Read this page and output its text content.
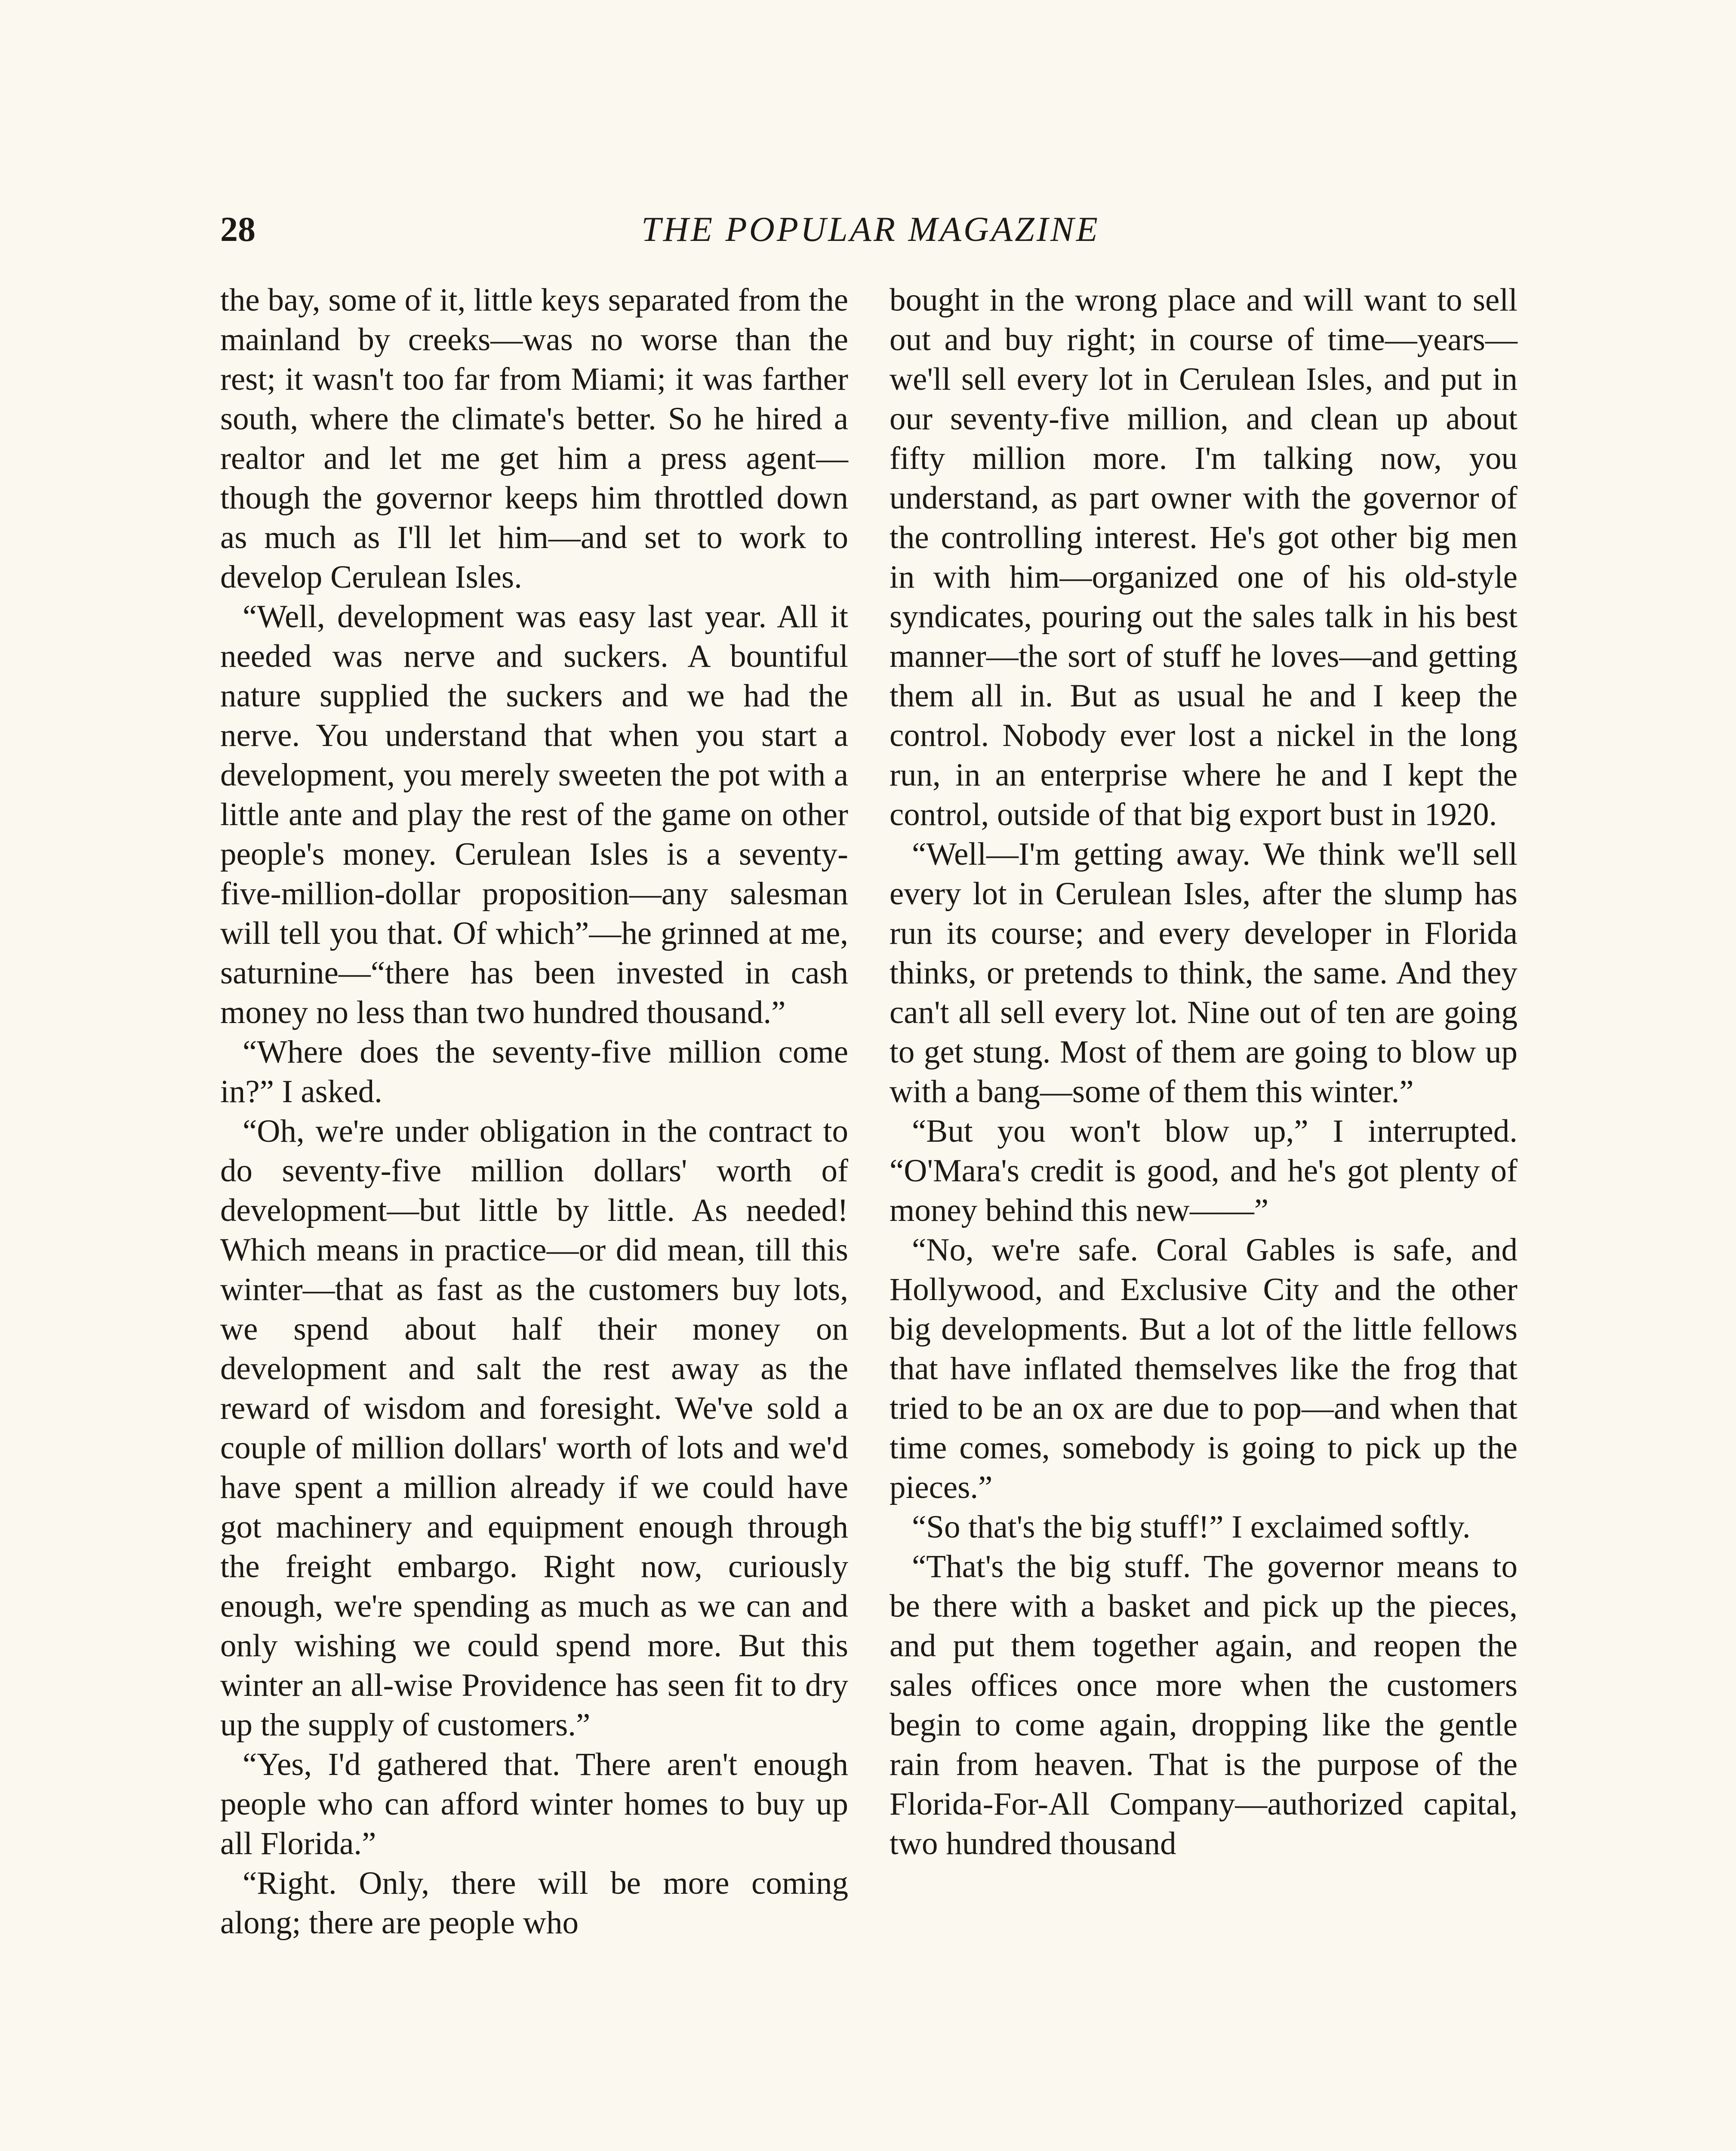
28	THE POPULAR MAGAZINE

the bay, some of it, little keys separated from the mainland by creeks—was no worse than the rest; it wasn't too far from Miami; it was farther south, where the climate's better. So he hired a realtor and let me get him a press agent—though the governor keeps him throttled down as much as I'll let him—and set to work to develop Cerulean Isles.

“Well, development was easy last year. All it needed was nerve and suckers. A bountiful nature supplied the suckers and we had the nerve. You understand that when you start a development, you merely sweeten the pot with a little ante and play the rest of the game on other people's money. Cerulean Isles is a seventy-five-million-dollar proposition—any salesman will tell you that. Of which”—he grinned at me, saturnine—“there has been invested in cash money no less than two hundred thousand.”

“Where does the seventy-five million come in?” I asked.

“Oh, we're under obligation in the contract to do seventy-five million dollars' worth of development—but little by little. As needed! Which means in practice—or did mean, till this winter—that as fast as the customers buy lots, we spend about half their money on development and salt the rest away as the reward of wisdom and foresight. We've sold a couple of million dollars' worth of lots and we'd have spent a million already if we could have got machinery and equipment enough through the freight embargo. Right now, curiously enough, we're spending as much as we can and only wishing we could spend more. But this winter an all-wise Providence has seen fit to dry up the supply of customers.”

“Yes, I'd gathered that. There aren't enough people who can afford winter homes to buy up all Florida.”

“Right. Only, there will be more coming along; there are people who

bought in the wrong place and will want to sell out and buy right; in course of time—years—we'll sell every lot in Cerulean Isles, and put in our seventy-five million, and clean up about fifty million more. I'm talking now, you understand, as part owner with the governor of the controlling interest. He's got other big men in with him—organized one of his old-style syndicates, pouring out the sales talk in his best manner—the sort of stuff he loves—and getting them all in. But as usual he and I keep the control. Nobody ever lost a nickel in the long run, in an enterprise where he and I kept the control, outside of that big export bust in 1920.

“Well—I'm getting away. We think we'll sell every lot in Cerulean Isles, after the slump has run its course; and every developer in Florida thinks, or pretends to think, the same. And they can't all sell every lot. Nine out of ten are going to get stung. Most of them are going to blow up with a bang—some of them this winter.”

“But you won't blow up,” I interrupted. “O'Mara's credit is good, and he's got plenty of money behind this new——”

“No, we're safe. Coral Gables is safe, and Hollywood, and Exclusive City and the other big developments. But a lot of the little fellows that have inflated themselves like the frog that tried to be an ox are due to pop—and when that time comes, somebody is going to pick up the pieces.”

“So that's the big stuff!” I exclaimed softly.

“That's the big stuff. The governor means to be there with a basket and pick up the pieces, and put them together again, and reopen the sales offices once more when the customers begin to come again, dropping like the gentle rain from heaven. That is the purpose of the Florida-For-All Company—authorized capital, two hundred thousand
